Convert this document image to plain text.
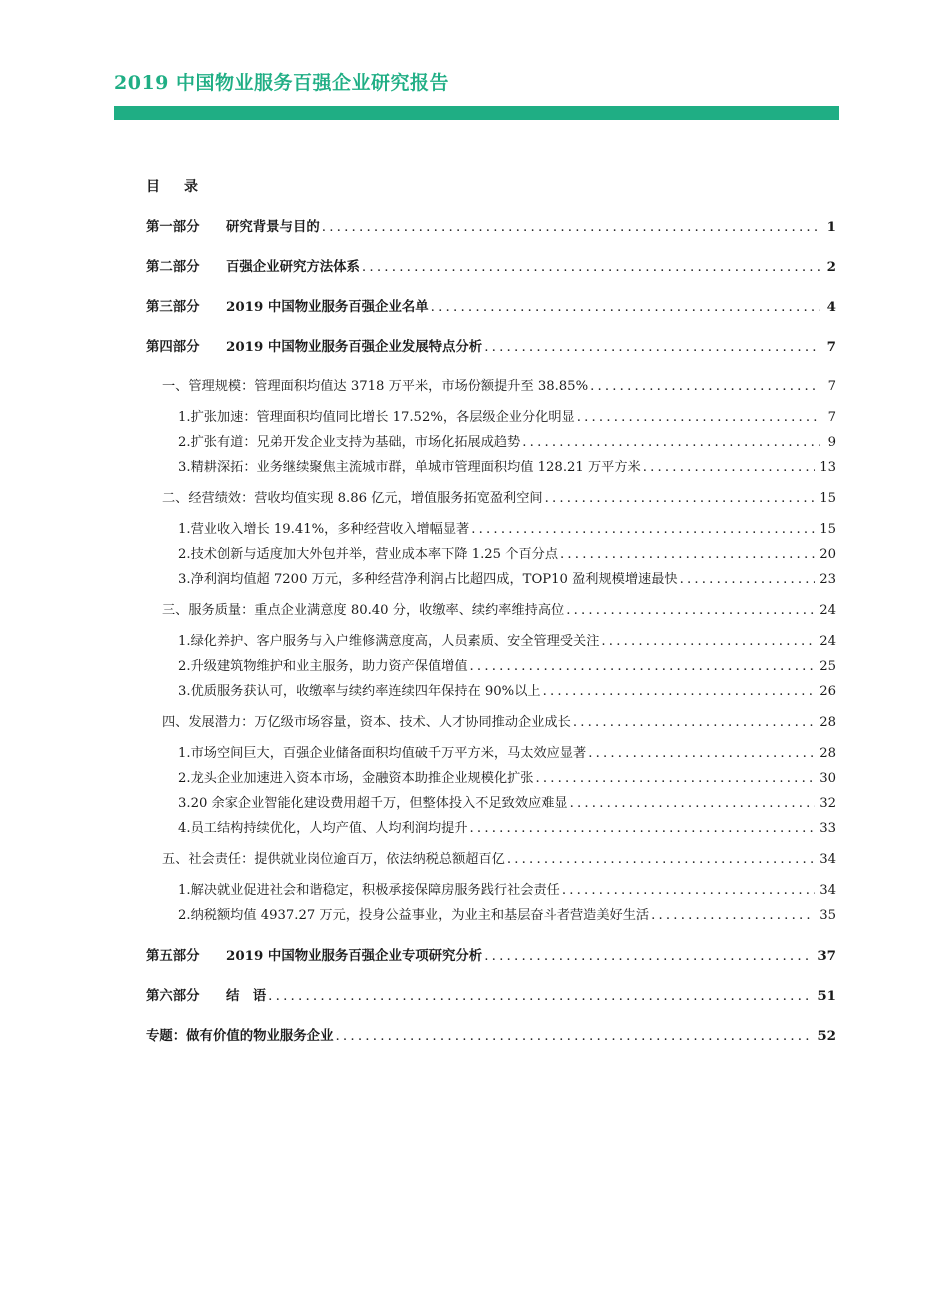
2019 中国物业服务百强企业研究报告
目 录
第一部分 研究背景与目的 .....	1
第二部分 百强企业研究方法体系 .....	2
第三部分 2019 中国物业服务百强企业名单 .....	4
第四部分 2019 中国物业服务百强企业发展特点分析 .....	7
一、管理规模：管理面积均值达 3718 万平米，市场份额提升至 38.85% .....	7
1.扩张加速：管理面积均值同比增长 17.52%，各层级企业分化明显 .....	7
2.扩张有道：兄弟开发企业支持为基础，市场化拓展成趋势 .....	9
3.精耕深拓：业务继续聚焦主流城市群，单城市管理面积均值 128.21 万平方米 .....	13
二、经营绩效：营收均值实现 8.86 亿元，增值服务拓宽盈利空间 .....	15
1.营业收入增长 19.41%，多种经营收入增幅显著 .....	15
2.技术创新与适度加大外包并举，营业成本率下降 1.25 个百分点 .....	20
3.净利润均值超 7200 万元，多种经营净利润占比超四成，TOP10 盈利规模增速最快 .....	23
三、服务质量：重点企业满意度 80.40 分，收缴率、续约率维持高位 .....	24
1.绿化养护、客户服务与入户维修满意度高，人员素质、安全管理受关注 .....	24
2.升级建筑物维护和业主服务，助力资产保值增值 .....	25
3.优质服务获认可，收缴率与续约率连续四年保持在 90%以上 .....	26
四、发展潜力：万亿级市场容量，资本、技术、人才协同推动企业成长 .....	28
1.市场空间巨大，百强企业储备面积均值破千万平方米，马太效应显著 .....	28
2.龙头企业加速进入资本市场，金融资本助推企业规模化扩张 .....	30
3.20 余家企业智能化建设费用超千万，但整体投入不足致效应难显 .....	32
4.员工结构持续优化，人均产值、人均利润均提升 .....	33
五、社会责任：提供就业岗位逾百万，依法纳税总额超百亿 .....	34
1.解决就业促进社会和谐稳定，积极承接保障房服务践行社会责任 .....	34
2.纳税额均值 4937.27 万元，投身公益事业，为业主和基层奋斗者营造美好生活 .....	35
第五部分 2019 中国物业服务百强企业专项研究分析 .....	37
第六部分 结　语 .....	51
专题：做有价值的物业服务企业 .....	52
